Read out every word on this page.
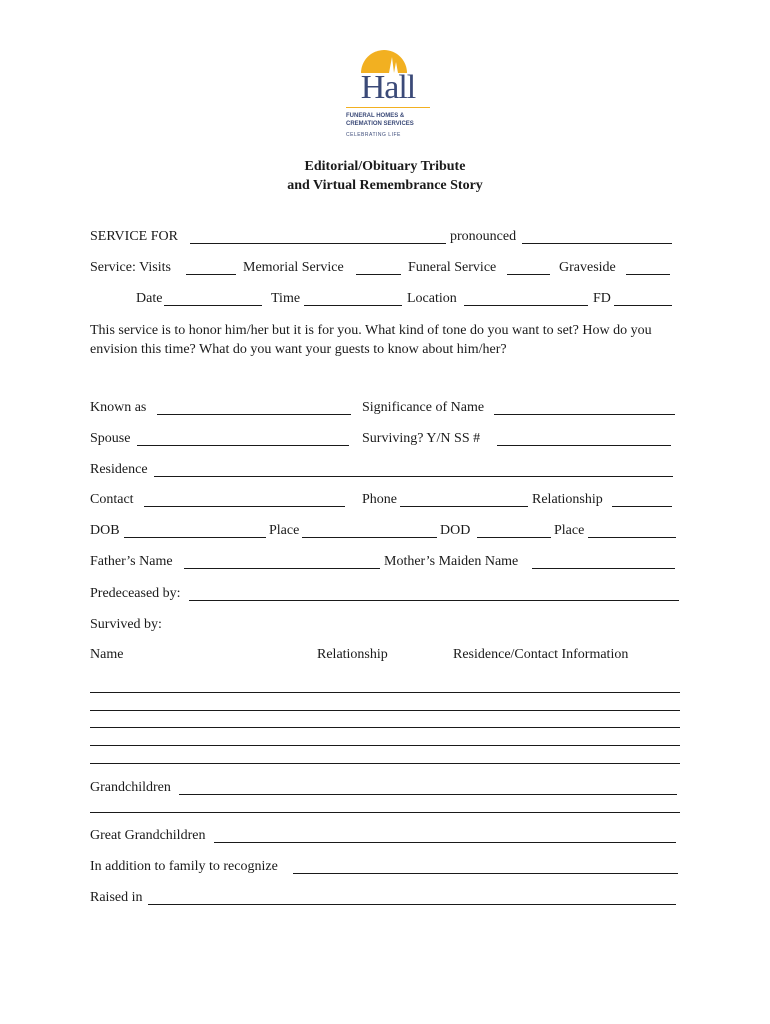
Hall
FUNERAL HOMES &
CREMATION SERVICES
CELEBRATING LIFE
Editorial/Obituary Tribute
and Virtual Remembrance Story
SERVICE FOR	pronounced
Service: Visits	Memorial Service	Funeral Service	Graveside
Date	Time	Location	FD
This service is to honor him/her but it is for you. What kind of tone do you want to set? How do you envision this time? What do you want your guests to know about him/her?
Known as	Significance of Name
Spouse	Surviving? Y/N SS #
Residence
Contact	Phone	Relationship
DOB	Place	DOD	Place
Father’s Name	Mother’s Maiden Name
Predeceased by:
Survived by:
Name	Relationship	Residence/Contact Information
Grandchildren
Great Grandchildren
In addition to family to recognize
Raised in
